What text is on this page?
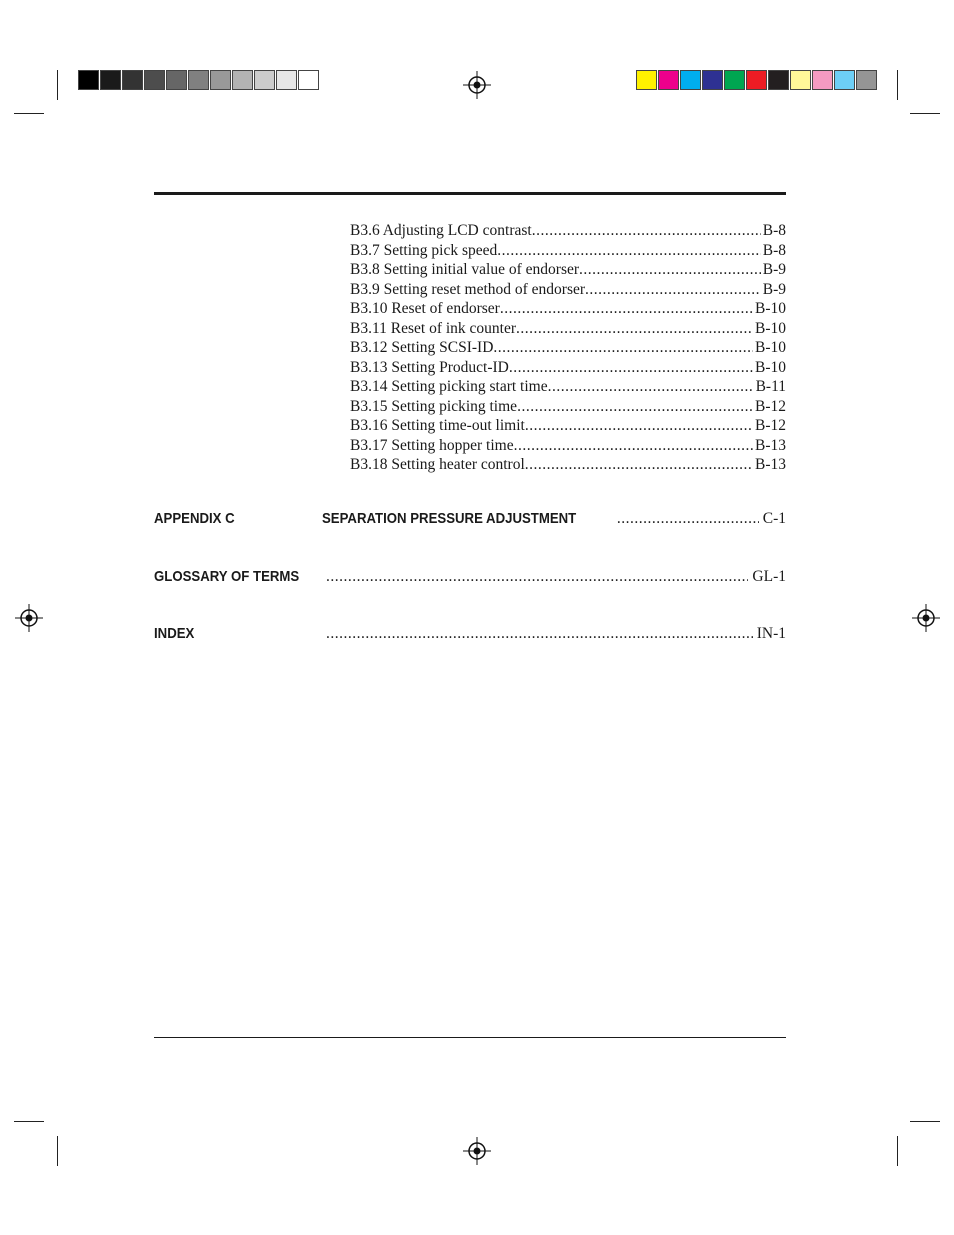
B3.6 Adjusting LCD contrast .....	B-8
B3.7 Setting pick speed .....	B-8
B3.8 Setting initial value of endorser .....	B-9
B3.9 Setting reset method of endorser .....	B-9
B3.10 Reset of endorser .....	B-10
B3.11 Reset of ink counter .....	B-10
B3.12 Setting SCSI-ID .....	B-10
B3.13 Setting Product-ID .....	B-10
B3.14 Setting picking start time .....	B-11
B3.15 Setting picking time .....	B-12
B3.16 Setting time-out limit .....	B-12
B3.17 Setting hopper time .....	B-13
B3.18 Setting heater control .....	B-13
APPENDIX C	SEPARATION PRESSURE ADJUSTMENT .....	C-1
GLOSSARY OF TERMS .....	GL-1
INDEX .....	IN-1
